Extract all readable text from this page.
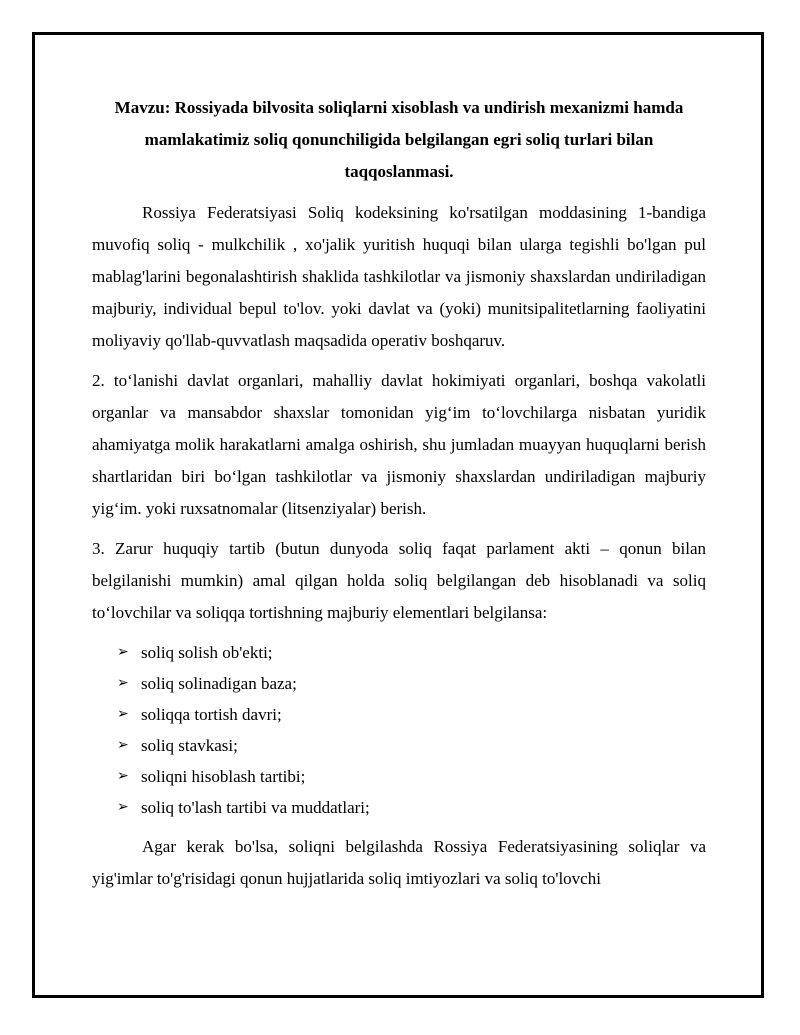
Mavzu: Rossiyada bilvosita soliqlarni xisoblash va undirish mexanizmi hamda mamlakatimiz soliq qonunchiligida belgilangan egri soliq turlari bilan taqqoslanmasi.

Rossiya Federatsiyasi Soliq kodeksining ko'rsatilgan moddasining 1-bandiga muvofiq soliq - mulkchilik , xo'jalik yuritish huquqi bilan ularga tegishli bo'lgan pul mablag'larini begonalashtirish shaklida tashkilotlar va jismoniy shaxslardan undiriladigan majburiy, individual bepul to'lov. yoki davlat va (yoki) munitsipalitetlarning faoliyatini moliyaviy qo'llab-quvvatlash maqsadida operativ boshqaruv.

2. to‘lanishi davlat organlari, mahalliy davlat hokimiyati organlari, boshqa vakolatli organlar va mansabdor shaxslar tomonidan yig‘im to‘lovchilarga nisbatan yuridik ahamiyatga molik harakatlarni amalga oshirish, shu jumladan muayyan huquqlarni berish shartlaridan biri bo‘lgan tashkilotlar va jismoniy shaxslardan undiriladigan majburiy yig‘im. yoki ruxsatnomalar (litsenziyalar) berish.

3. Zarur huquqiy tartib (butun dunyoda soliq faqat parlament akti – qonun bilan belgilanishi mumkin) amal qilgan holda soliq belgilangan deb hisoblanadi va soliq to‘lovchilar va soliqqa tortishning majburiy elementlari belgilansa:

➢ soliq solish ob'ekti;
➢ soliq solinadigan baza;
➢ soliqqa tortish davri;
➢ soliq stavkasi;
➢ soliqni hisoblash tartibi;
➢ soliq to'lash tartibi va muddatlari;

Agar kerak bo'lsa, soliqni belgilashda Rossiya Federatsiyasining soliqlar va yig'imlar to'g'risidagi qonun hujjatlarida soliq imtiyozlari va soliq to'lovchi
